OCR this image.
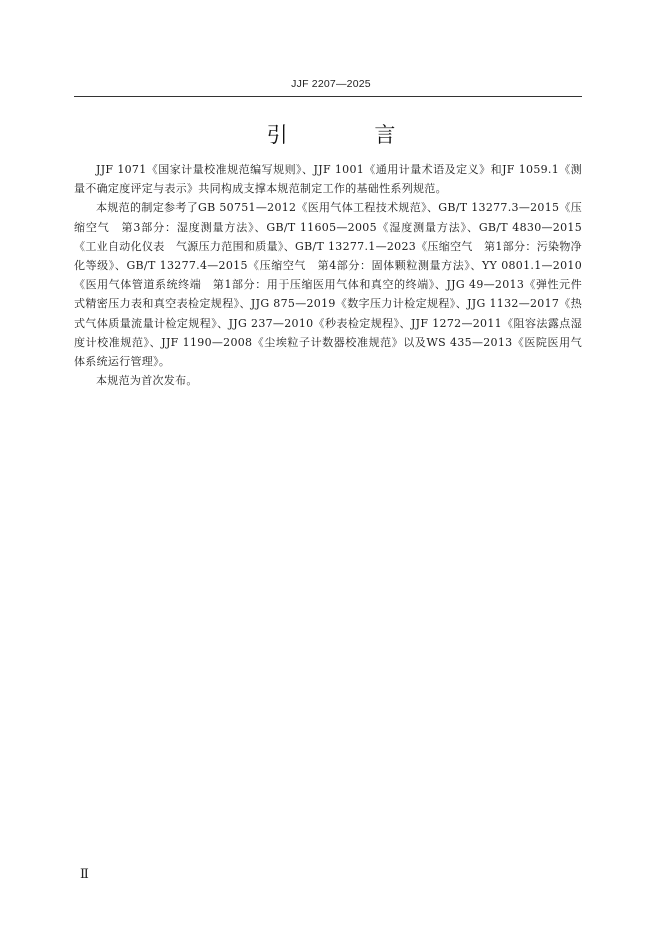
JJF 2207—2025
引 言

JJF 1071《国家计量校准规范编写规则》、JJF 1001《通用计量术语及定义》和JF 1059.1《测量不确定度评定与表示》共同构成支撑本规范制定工作的基础性系列规范。

本规范的制定参考了GB 50751—2012《医用气体工程技术规范》、GB/T 13277.3—2015《压缩空气　第3部分：湿度测量方法》、GB/T 11605—2005《湿度测量方法》、GB/T 4830—2015《工业自动化仪表　气源压力范围和质量》、GB/T 13277.1—2023《压缩空气　第1部分：污染物净化等级》、GB/T 13277.4—2015《压缩空气　第4部分：固体颗粒测量方法》、YY 0801.1—2010《医用气体管道系统终端　第1部分：用于压缩医用气体和真空的终端》、JJG 49—2013《弹性元件式精密压力表和真空表检定规程》、JJG 875—2019《数字压力计检定规程》、JJG 1132—2017《热式气体质量流量计检定规程》、JJG 237—2010《秒表检定规程》、JJF 1272—2011《阻容法露点湿度计校准规范》、JJF 1190—2008《尘埃粒子计数器校准规范》以及WS 435—2013《医院医用气体系统运行管理》。

本规范为首次发布。

Ⅱ
